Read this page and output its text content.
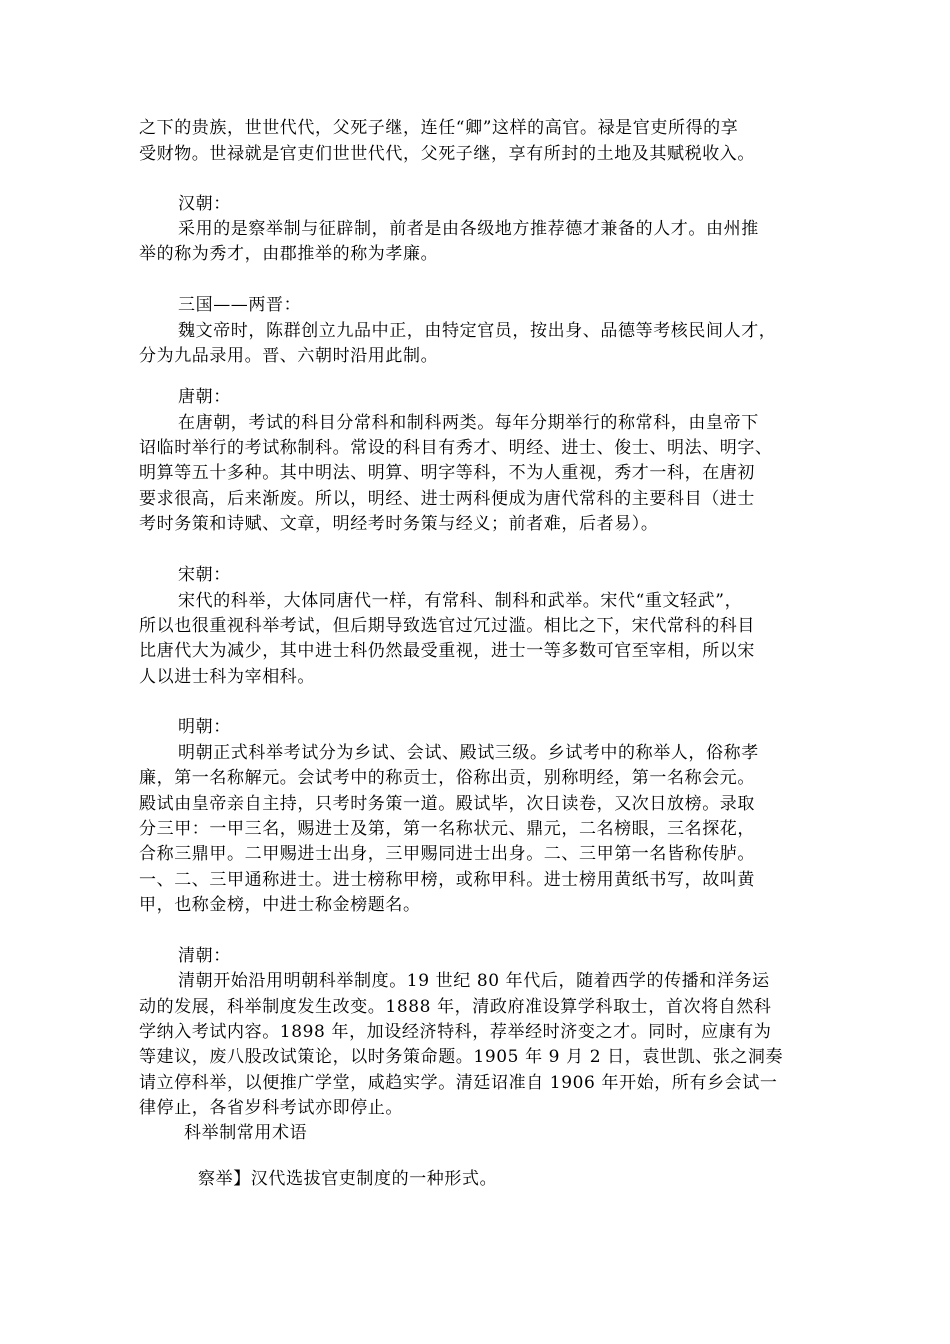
之下的贵族，世世代代，父死子继，连任“卿”这样的高官。禄是官吏所得的享
受财物。世禄就是官吏们世世代代，父死子继，享有所封的土地及其赋税收入。
汉朝：
采用的是察举制与征辟制，前者是由各级地方推荐德才兼备的人才。由州推
举的称为秀才，由郡推举的称为孝廉。
三国——两晋：
魏文帝时，陈群创立九品中正，由特定官员，按出身、品德等考核民间人才，
分为九品录用。晋、六朝时沿用此制。
唐朝：
在唐朝，考试的科目分常科和制科两类。每年分期举行的称常科，由皇帝下
诏临时举行的考试称制科。常设的科目有秀才、明经、进士、俊士、明法、明字、
明算等五十多种。其中明法、明算、明字等科，不为人重视，秀才一科，在唐初
要求很高，后来渐废。所以，明经、进士两科便成为唐代常科的主要科目（进士
考时务策和诗赋、文章，明经考时务策与经义；前者难，后者易）。
宋朝：
宋代的科举，大体同唐代一样，有常科、制科和武举。宋代“重文轻武”，
所以也很重视科举考试，但后期导致选官过冗过滥。相比之下，宋代常科的科目
比唐代大为减少，其中进士科仍然最受重视，进士一等多数可官至宰相，所以宋
人以进士科为宰相科。
明朝：
明朝正式科举考试分为乡试、会试、殿试三级。乡试考中的称举人，俗称孝
廉，第一名称解元。会试考中的称贡士，俗称出贡，别称明经，第一名称会元。
殿试由皇帝亲自主持，只考时务策一道。殿试毕，次日读卷，又次日放榜。录取
分三甲：一甲三名，赐进士及第，第一名称状元、鼎元，二名榜眼，三名探花，
合称三鼎甲。二甲赐进士出身，三甲赐同进士出身。二、三甲第一名皆称传胪。
一、二、三甲通称进士。进士榜称甲榜，或称甲科。进士榜用黄纸书写，故叫黄
甲，也称金榜，中进士称金榜题名。
清朝：
清朝开始沿用明朝科举制度。19 世纪 80 年代后，随着西学的传播和洋务运
动的发展，科举制度发生改变。1888 年，清政府准设算学科取士，首次将自然科
学纳入考试内容。1898 年，加设经济特科，荐举经时济变之才。同时，应康有为
等建议，废八股改试策论，以时务策命题。1905 年 9 月 2 日，袁世凯、张之洞奏
请立停科举，以便推广学堂，咸趋实学。清廷诏准自 1906 年开始，所有乡会试一
律停止，各省岁科考试亦即停止。
科举制常用术语
察举】汉代选拔官吏制度的一种形式。
